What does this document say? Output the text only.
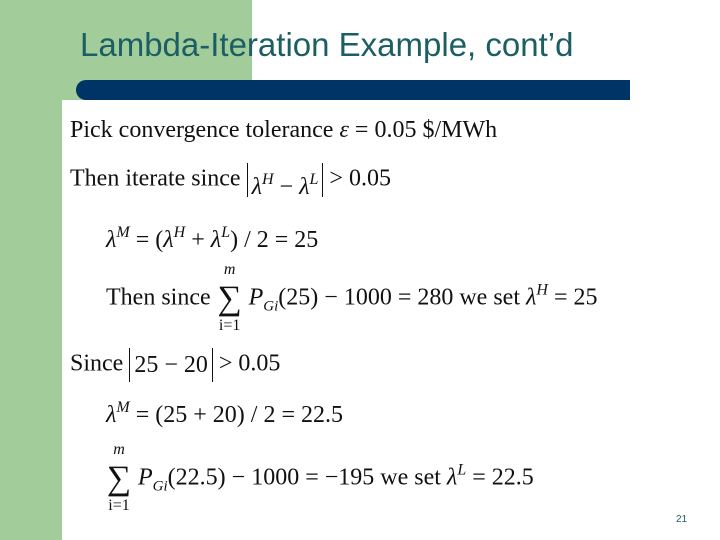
Lambda-Iteration Example, cont’d
Pick convergence tolerance ε = 0.05 $/MWh
Then iterate since $\lambda^H - \lambda^L > 0.05$
$\lambda^M = (\lambda^H + \lambda^L) / 2 = 25$
Then since
m
∑
i=1
$P_{Gi}(25) - 1000 = 280$ we set $\lambda^H = 25$
Since 25 − 20 > 0.05
$\lambda^M = (25 + 20) / 2 = 22.5$
m
∑
i=1
$P_{Gi}(22.5) - 1000 = -195$ we set $\lambda^L = 22.5$
21
